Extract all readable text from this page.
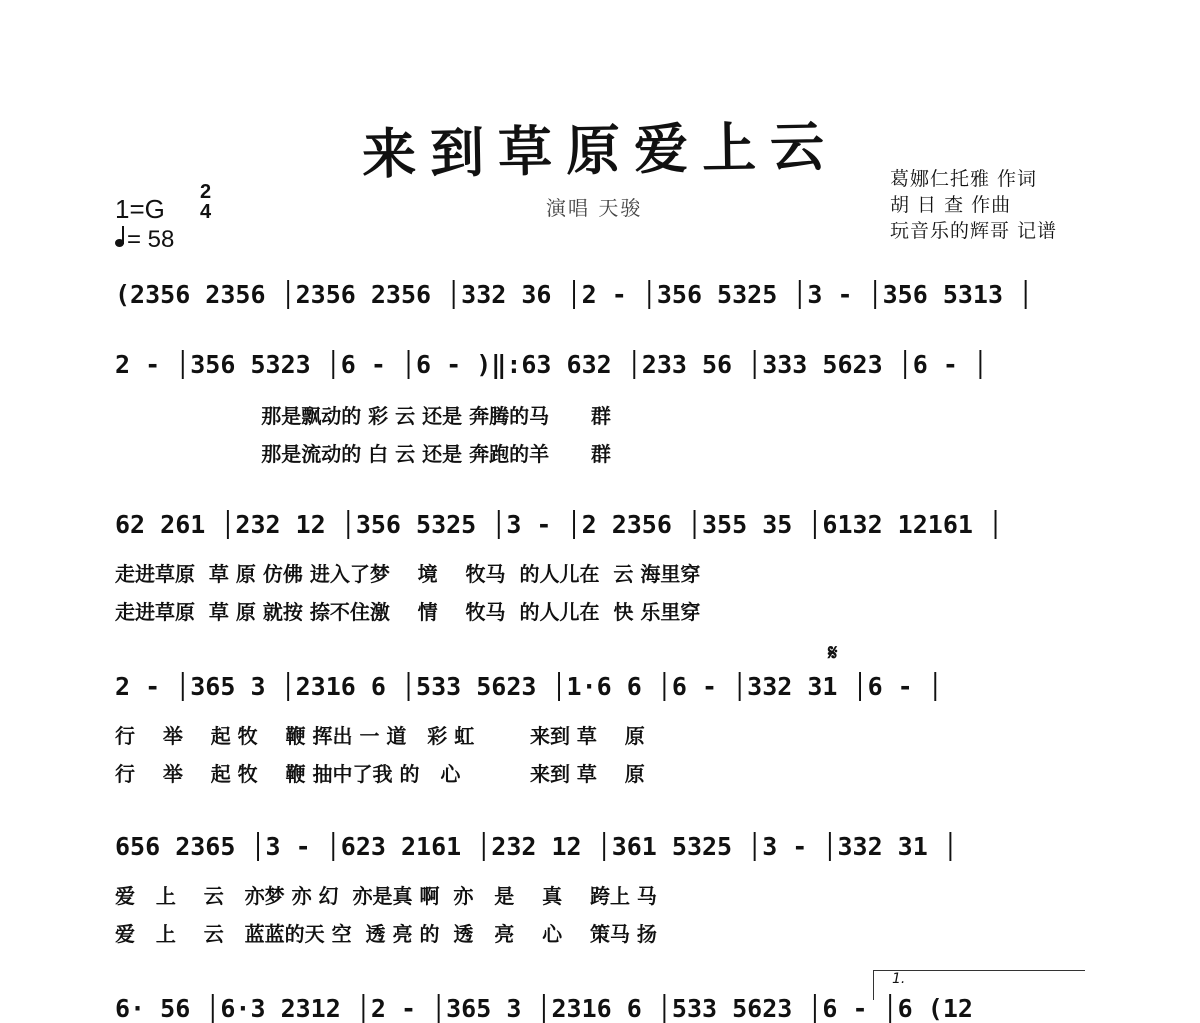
来到草原爱上云
演唱 天骏
葛娜仁托雅 作词
胡 日 查 作曲
玩音乐的辉哥 记谱
1=G
2
4
= 58
(2356 2356 │2356 2356 │332 36 │2 - │356 5325 │3 - │356 5313 │
2 - │356 5323 │6 - │6 - )‖:63 632 │233 56 │333 5623 │6 - │
那是飘动的 彩 云 还是 奔腾的马      群
那是流动的 白 云 还是 奔跑的羊      群
62 261 │232 12 │356 5325 │3 - │2 2356 │355 35 │6132 12161 │
走进草原  草 原 仿佛 进入了梦    境    牧马  的人儿在  云 海里穿
走进草原  草 原 就按 捺不住激    情    牧马  的人儿在  快 乐里穿
𝄋
2 - │365 3 │2316 6 │533 5623 │1·6 6 │6 - │332 31 │6 - │
行    举    起 牧    鞭 挥出 一 道   彩 虹        来到 草    原
行    举    起 牧    鞭 抽中了我 的   心          来到 草    原
656 2365 │3 - │623 2161 │232 12 │361 5325 │3 - │332 31 │
爱   上    云   亦梦 亦 幻  亦是真 啊  亦   是    真    跨上 马
爱   上    云   蓝蓝的天 空  透 亮 的  透   亮    心    策马 扬
1.
6· 56 │6·3 2312 │2 - │365 3 │2316 6 │533 5623 │6 - │6 (12
